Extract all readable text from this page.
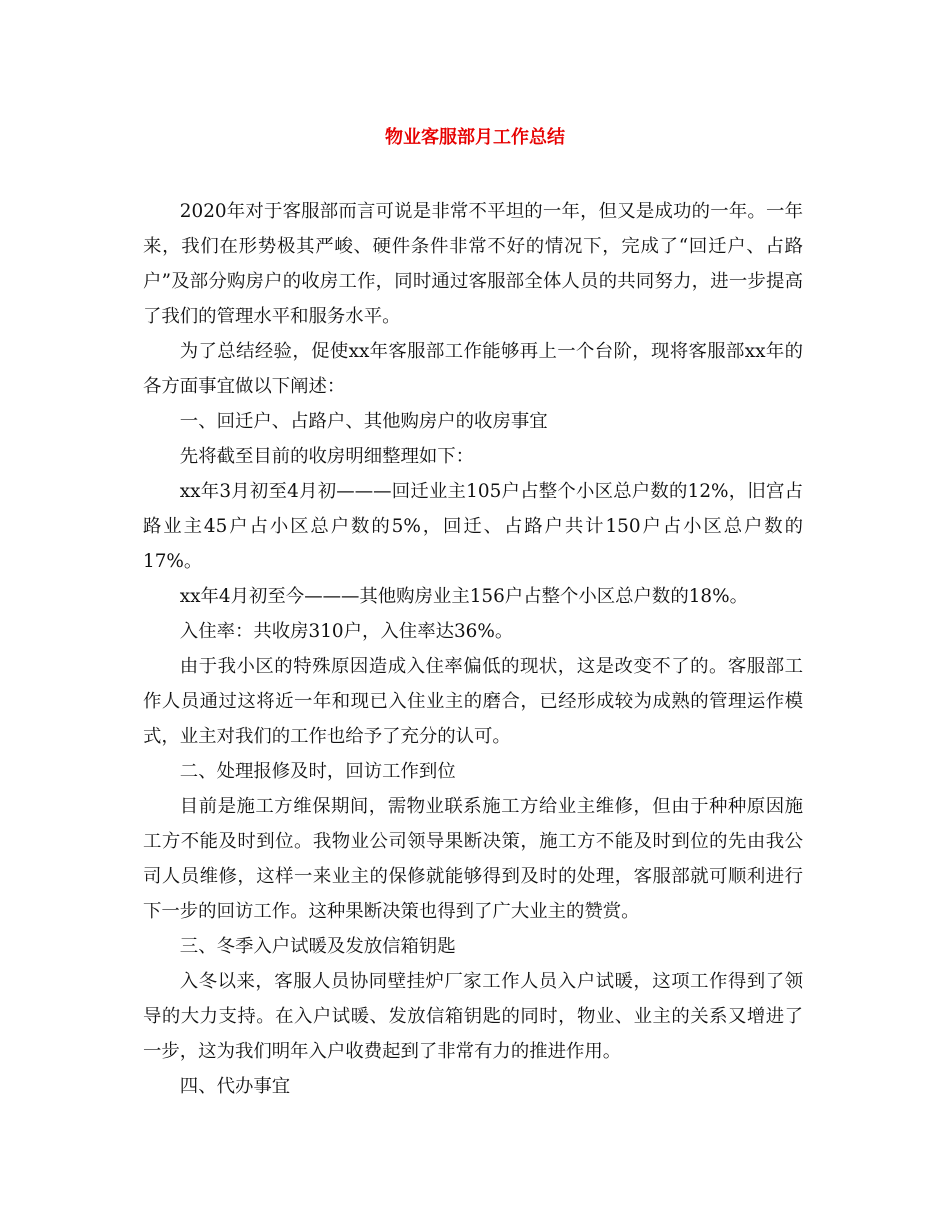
物业客服部月工作总结

2020年对于客服部而言可说是非常不平坦的一年，但又是成功的一年。一年来，我们在形势极其严峻、硬件条件非常不好的情况下，完成了“回迁户、占路户”及部分购房户的收房工作，同时通过客服部全体人员的共同努力，进一步提高了我们的管理水平和服务水平。

为了总结经验，促使xx年客服部工作能够再上一个台阶，现将客服部xx年的各方面事宜做以下阐述：

一、回迁户、占路户、其他购房户的收房事宜

先将截至目前的收房明细整理如下：

xx年3月初至4月初———回迁业主105户占整个小区总户数的12%，旧宫占路业主45户占小区总户数的5%，回迁、占路户共计150户占小区总户数的17%。

xx年4月初至今———其他购房业主156户占整个小区总户数的18%。

入住率：共收房310户，入住率达36%。

由于我小区的特殊原因造成入住率偏低的现状，这是改变不了的。客服部工作人员通过这将近一年和现已入住业主的磨合，已经形成较为成熟的管理运作模式，业主对我们的工作也给予了充分的认可。

二、处理报修及时，回访工作到位

目前是施工方维保期间，需物业联系施工方给业主维修，但由于种种原因施工方不能及时到位。我物业公司领导果断决策，施工方不能及时到位的先由我公司人员维修，这样一来业主的保修就能够得到及时的处理，客服部就可顺利进行下一步的回访工作。这种果断决策也得到了广大业主的赞赏。

三、冬季入户试暖及发放信箱钥匙

入冬以来，客服人员协同壁挂炉厂家工作人员入户试暖，这项工作得到了领导的大力支持。在入户试暖、发放信箱钥匙的同时，物业、业主的关系又增进了一步，这为我们明年入户收费起到了非常有力的推进作用。

四、代办事宜
